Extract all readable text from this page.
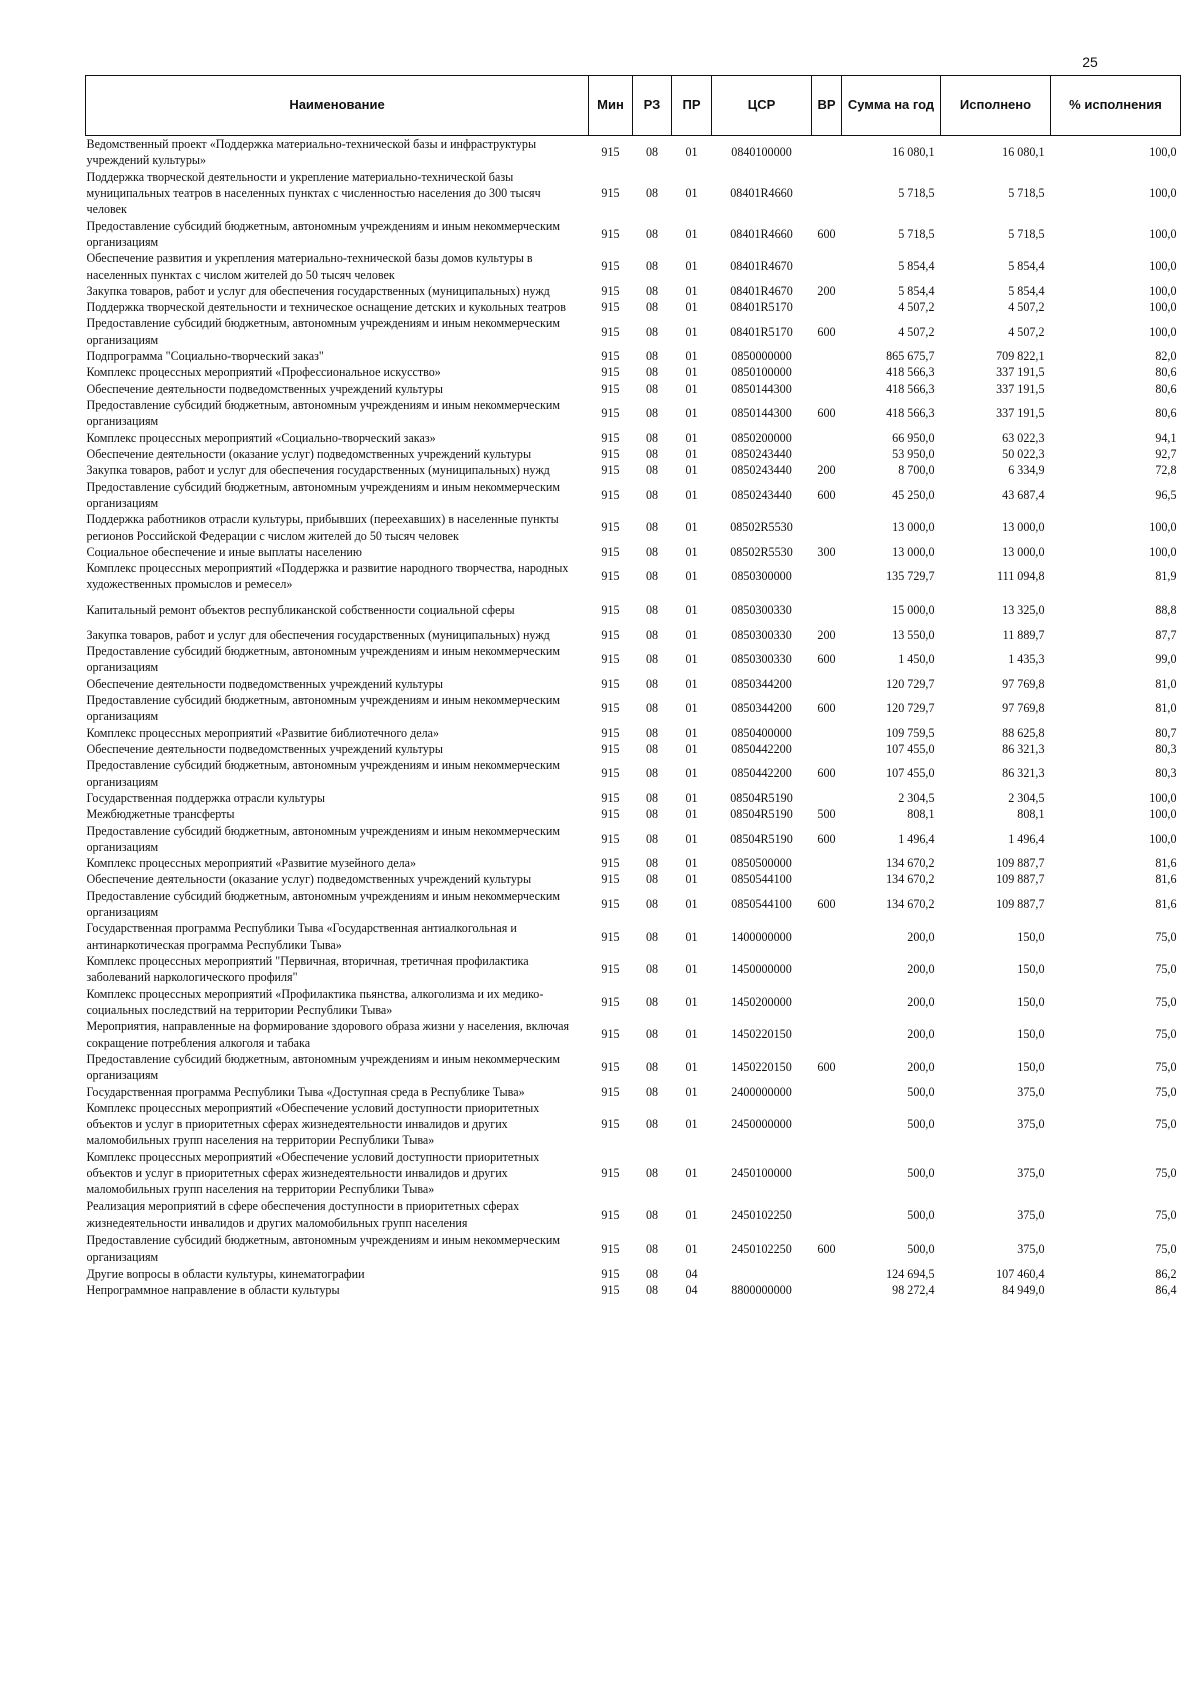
25
Наименование	Мин	РЗ	ПР	ЦСР	ВР	Сумма на год	Исполнено	% исполнения
Ведомственный проект «Поддержка материально-технической базы и инфраструктуры учреждений культуры»	915	08	01	0840100000		16 080,1	16 080,1	100,0
Поддержка творческой деятельности и укрепление материально-технической базы муниципальных театров в населенных пунктах с численностью населения до 300 тысяч человек	915	08	01	08401R4660		5 718,5	5 718,5	100,0
Предоставление субсидий бюджетным, автономным учреждениям и иным некоммерческим организациям	915	08	01	08401R4660	600	5 718,5	5 718,5	100,0
Обеспечение развития и укрепления материально-технической базы домов культуры в населенных пунктах с числом жителей до 50 тысяч человек	915	08	01	08401R4670		5 854,4	5 854,4	100,0
Закупка товаров, работ и услуг для обеспечения государственных (муниципальных) нужд	915	08	01	08401R4670	200	5 854,4	5 854,4	100,0
Поддержка творческой деятельности и техническое оснащение детских и кукольных театров	915	08	01	08401R5170		4 507,2	4 507,2	100,0
Предоставление субсидий бюджетным, автономным учреждениям и иным некоммерческим организациям	915	08	01	08401R5170	600	4 507,2	4 507,2	100,0
Подпрограмма "Социально-творческий заказ"	915	08	01	0850000000		865 675,7	709 822,1	82,0
Комплекс процессных мероприятий «Профессиональное искусство»	915	08	01	0850100000		418 566,3	337 191,5	80,6
Обеспечение деятельности подведомственных учреждений культуры	915	08	01	0850144300		418 566,3	337 191,5	80,6
Предоставление субсидий бюджетным, автономным учреждениям и иным некоммерческим организациям	915	08	01	0850144300	600	418 566,3	337 191,5	80,6
Комплекс процессных мероприятий «Социально-творческий заказ»	915	08	01	0850200000		66 950,0	63 022,3	94,1
Обеспечение деятельности (оказание услуг) подведомственных учреждений культуры	915	08	01	0850243440		53 950,0	50 022,3	92,7
Закупка товаров, работ и услуг для обеспечения государственных (муниципальных) нужд	915	08	01	0850243440	200	8 700,0	6 334,9	72,8
Предоставление субсидий бюджетным, автономным учреждениям и иным некоммерческим организациям	915	08	01	0850243440	600	45 250,0	43 687,4	96,5
Поддержка работников отрасли культуры, прибывших (переехавших) в населенные пункты регионов Российской Федерации с числом жителей до 50 тысяч человек	915	08	01	08502R5530		13 000,0	13 000,0	100,0
Социальное обеспечение и иные выплаты населению	915	08	01	08502R5530	300	13 000,0	13 000,0	100,0
Комплекс процессных мероприятий «Поддержка и развитие народного творчества, народных художественных промыслов и ремесел»	915	08	01	0850300000		135 729,7	111 094,8	81,9
Капитальный ремонт объектов республиканской собственности социальной сферы	915	08	01	0850300330		15 000,0	13 325,0	88,8
Закупка товаров, работ и услуг для обеспечения государственных (муниципальных) нужд	915	08	01	0850300330	200	13 550,0	11 889,7	87,7
Предоставление субсидий бюджетным, автономным учреждениям и иным некоммерческим организациям	915	08	01	0850300330	600	1 450,0	1 435,3	99,0
Обеспечение деятельности подведомственных учреждений культуры	915	08	01	0850344200		120 729,7	97 769,8	81,0
Предоставление субсидий бюджетным, автономным учреждениям и иным некоммерческим организациям	915	08	01	0850344200	600	120 729,7	97 769,8	81,0
Комплекс процессных мероприятий «Развитие библиотечного дела»	915	08	01	0850400000		109 759,5	88 625,8	80,7
Обеспечение деятельности подведомственных учреждений культуры	915	08	01	0850442200		107 455,0	86 321,3	80,3
Предоставление субсидий бюджетным, автономным учреждениям и иным некоммерческим организациям	915	08	01	0850442200	600	107 455,0	86 321,3	80,3
Государственная поддержка отрасли культуры	915	08	01	08504R5190		2 304,5	2 304,5	100,0
Межбюджетные трансферты	915	08	01	08504R5190	500	808,1	808,1	100,0
Предоставление субсидий бюджетным, автономным учреждениям и иным некоммерческим организациям	915	08	01	08504R5190	600	1 496,4	1 496,4	100,0
Комплекс процессных мероприятий «Развитие музейного дела»	915	08	01	0850500000		134 670,2	109 887,7	81,6
Обеспечение деятельности (оказание услуг) подведомственных учреждений культуры	915	08	01	0850544100		134 670,2	109 887,7	81,6
Предоставление субсидий бюджетным, автономным учреждениям и иным некоммерческим организациям	915	08	01	0850544100	600	134 670,2	109 887,7	81,6
Государственная программа Республики Тыва «Государственная антиалкогольная и антинаркотическая программа Республики Тыва»	915	08	01	1400000000		200,0	150,0	75,0
Комплекс процессных мероприятий "Первичная, вторичная, третичная профилактика заболеваний наркологического профиля"	915	08	01	1450000000		200,0	150,0	75,0
Комплекс процессных мероприятий «Профилактика пьянства, алкоголизма и их медико-социальных последствий на территории Республики Тыва»	915	08	01	1450200000		200,0	150,0	75,0
Мероприятия, направленные на формирование здорового образа жизни у населения, включая сокращение потребления алкоголя и табака	915	08	01	1450220150		200,0	150,0	75,0
Предоставление субсидий бюджетным, автономным учреждениям и иным некоммерческим организациям	915	08	01	1450220150	600	200,0	150,0	75,0
Государственная программа Республики Тыва «Доступная среда в Республике Тыва»	915	08	01	2400000000		500,0	375,0	75,0
Комплекс процессных мероприятий «Обеспечение условий доступности приоритетных объектов и услуг в приоритетных сферах жизнедеятельности инвалидов и других маломобильных групп населения на территории Республики Тыва»	915	08	01	2450000000		500,0	375,0	75,0
Комплекс процессных мероприятий «Обеспечение условий доступности приоритетных объектов и услуг в приоритетных сферах жизнедеятельности инвалидов и других маломобильных групп населения на территории Республики Тыва»	915	08	01	2450100000		500,0	375,0	75,0
Реализация мероприятий в сфере обеспечения доступности в приоритетных сферах жизнедеятельности инвалидов и других маломобильных групп населения	915	08	01	2450102250		500,0	375,0	75,0
Предоставление субсидий бюджетным, автономным учреждениям и иным некоммерческим организациям	915	08	01	2450102250	600	500,0	375,0	75,0
Другие вопросы в области культуры, кинематографии	915	08	04			124 694,5	107 460,4	86,2
Непрограммное направление в области культуры	915	08	04	8800000000		98 272,4	84 949,0	86,4
